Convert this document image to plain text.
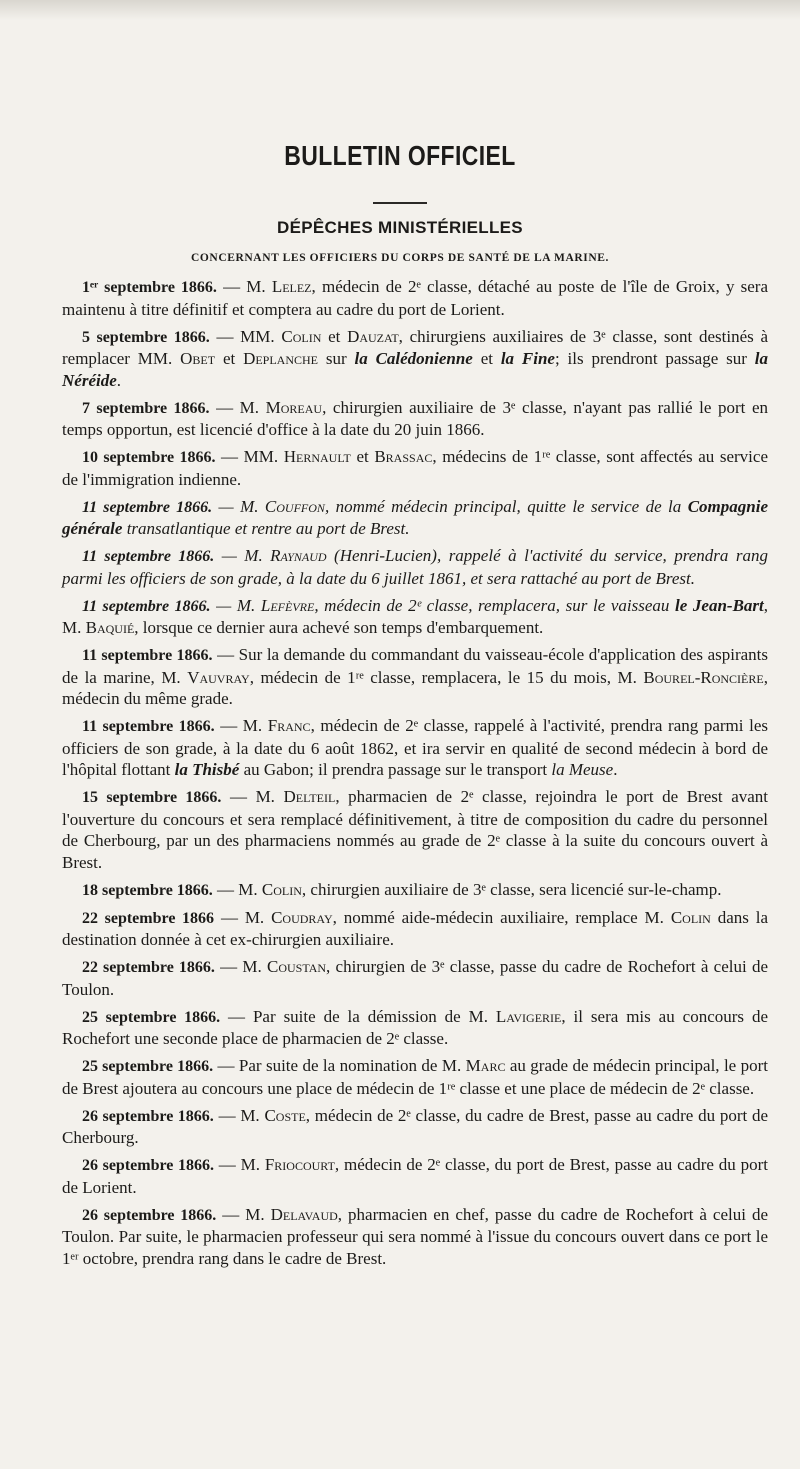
BULLETIN OFFICIEL
DÉPÊCHES MINISTÉRIELLES
CONCERNANT LES OFFICIERS DU CORPS DE SANTÉ DE LA MARINE.

1ᵉʳ septembre 1866. — M. Lelez, médecin de 2ᵉ classe, détaché au poste de l'île de Groix, y sera maintenu à titre définitif et comptera au cadre du port de Lorient.

5 septembre 1866. — MM. Colin et Dauzat, chirurgiens auxiliaires de 3ᵉ classe, sont destinés à remplacer MM. Obet et Deplanche sur la Calédonienne et la Fine; ils prendront passage sur la Néréide.

7 septembre 1866. — M. Moreau, chirurgien auxiliaire de 3ᵉ classe, n'ayant pas rallié le port en temps opportun, est licencié d'office à la date du 20 juin 1866.

10 septembre 1866. — MM. Hernault et Brassac, médecins de 1ʳᵉ classe, sont affectés au service de l'immigration indienne.

11 septembre 1866. — M. Couffon, nommé médecin principal, quitte le service de la Compagnie générale transatlantique et rentre au port de Brest.

11 septembre 1866. — M. Raynaud (Henri-Lucien), rappelé à l'activité du service, prendra rang parmi les officiers de son grade, à la date du 6 juillet 1861, et sera rattaché au port de Brest.

11 septembre 1866. — M. Lefèvre, médecin de 2ᵉ classe, remplacera, sur le vaisseau le Jean-Bart, M. Baquié, lorsque ce dernier aura achevé son temps d'embarquement.

11 septembre 1866. — Sur la demande du commandant du vaisseau-école d'application des aspirants de la marine, M. Vauvray, médecin de 1ʳᵉ classe, remplacera, le 15 du mois, M. Bourel-Roncière, médecin du même grade.

11 septembre 1866. — M. Franc, médecin de 2ᵉ classe, rappelé à l'activité, prendra rang parmi les officiers de son grade, à la date du 6 août 1862, et ira servir en qualité de second médecin à bord de l'hôpital flottant la Thisbé au Gabon; il prendra passage sur le transport la Meuse.

15 septembre 1866. — M. Delteil, pharmacien de 2ᵉ classe, rejoindra le port de Brest avant l'ouverture du concours et sera remplacé définitivement, à titre de composition du cadre du personnel de Cherbourg, par un des pharmaciens nommés au grade de 2ᵉ classe à la suite du concours ouvert à Brest.

18 septembre 1866. — M. Colin, chirurgien auxiliaire de 3ᵉ classe, sera licencié sur-le-champ.

22 septembre 1866 — M. Coudray, nommé aide-médecin auxiliaire, remplace M. Colin dans la destination donnée à cet ex-chirurgien auxiliaire.

22 septembre 1866. — M. Coustan, chirurgien de 3ᵉ classe, passe du cadre de Rochefort à celui de Toulon.

25 septembre 1866. — Par suite de la démission de M. Lavigerie, il sera mis au concours de Rochefort une seconde place de pharmacien de 2ᵉ classe.

25 septembre 1866. — Par suite de la nomination de M. Marc au grade de médecin principal, le port de Brest ajoutera au concours une place de médecin de 1ʳᵉ classe et une place de médecin de 2ᵉ classe.

26 septembre 1866. — M. Coste, médecin de 2ᵉ classe, du cadre de Brest, passe au cadre du port de Cherbourg.

26 septembre 1866. — M. Friocourt, médecin de 2ᵉ classe, du port de Brest, passe au cadre du port de Lorient.

26 septembre 1866. — M. Delavaud, pharmacien en chef, passe du cadre de Rochefort à celui de Toulon. Par suite, le pharmacien professeur qui sera nommé à l'issue du concours ouvert dans ce port le 1ᵉʳ octobre, prendra rang dans le cadre de Brest.
